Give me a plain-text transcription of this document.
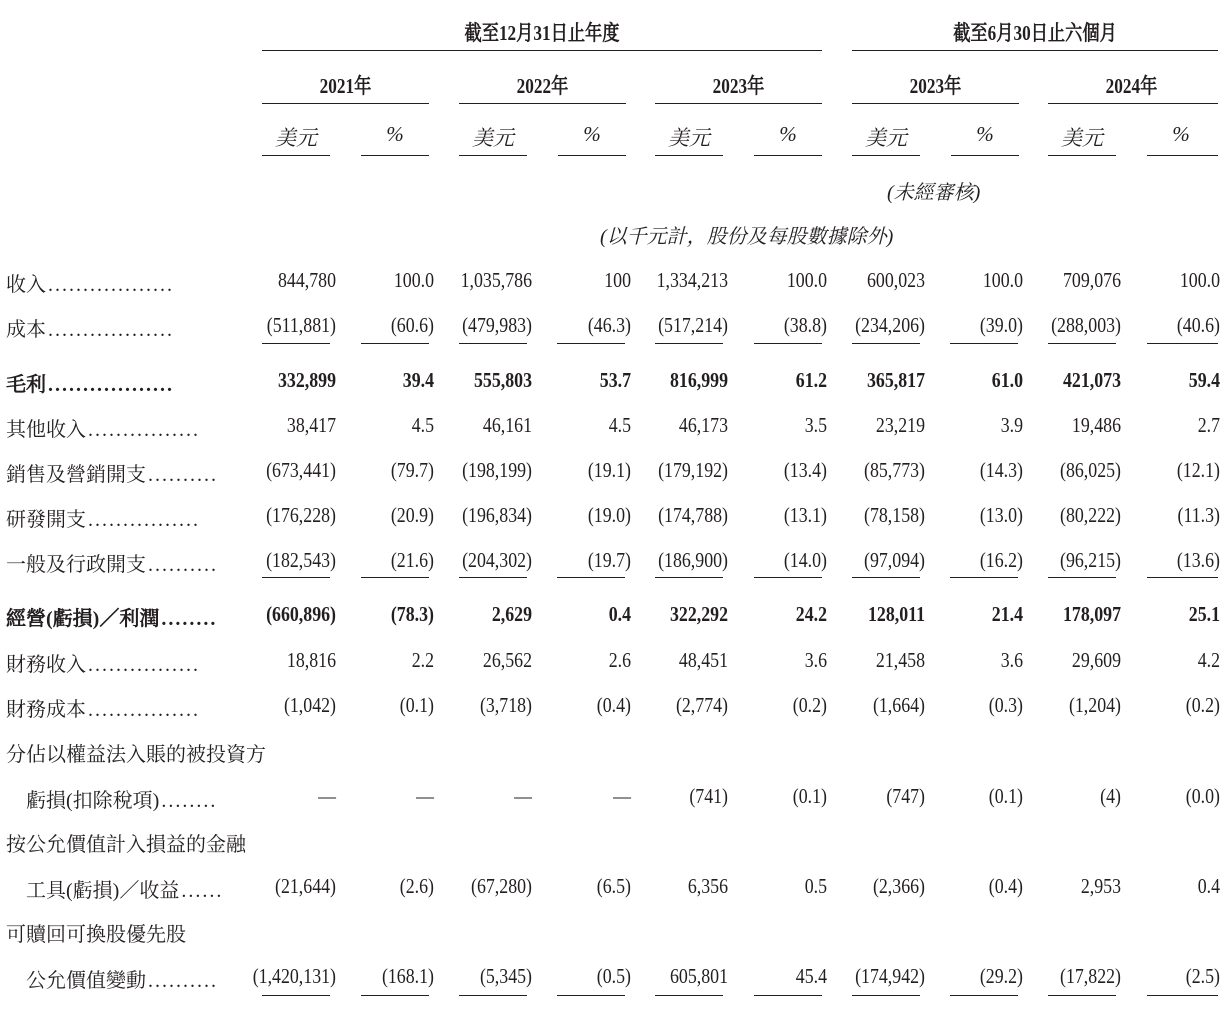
截至12月31日止年度	截至6月30日止六個月
2021年	2022年	2023年	2023年	2024年
美元	%	美元	%	美元	%	美元	%	美元	%
(未經審核)
(以千元計，股份及每股數據除外)
收入 ..................	844,780	100.0	1,035,786	100	1,334,213	100.0	600,023	100.0	709,076	100.0
成本 ..................	(511,881)	(60.6)	(479,983)	(46.3)	(517,214)	(38.8)	(234,206)	(39.0)	(288,003)	(40.6)
毛利 ..................	332,899	39.4	555,803	53.7	816,999	61.2	365,817	61.0	421,073	59.4
其他收入 ................	38,417	4.5	46,161	4.5	46,173	3.5	23,219	3.9	19,486	2.7
銷售及營銷開支 ..........	(673,441)	(79.7)	(198,199)	(19.1)	(179,192)	(13.4)	(85,773)	(14.3)	(86,025)	(12.1)
研發開支 ................	(176,228)	(20.9)	(196,834)	(19.0)	(174,788)	(13.1)	(78,158)	(13.0)	(80,222)	(11.3)
一般及行政開支 ..........	(182,543)	(21.6)	(204,302)	(19.7)	(186,900)	(14.0)	(97,094)	(16.2)	(96,215)	(13.6)
經營(虧損)／利潤 ........	(660,896)	(78.3)	2,629	0.4	322,292	24.2	128,011	21.4	178,097	25.1
財務收入 ................	18,816	2.2	26,562	2.6	48,451	3.6	21,458	3.6	29,609	4.2
財務成本 ................	(1,042)	(0.1)	(3,718)	(0.4)	(2,774)	(0.2)	(1,664)	(0.3)	(1,204)	(0.2)
分佔以權益法入賬的被投資方
虧損(扣除稅項) ........	—	—	—	—	(741)	(0.1)	(747)	(0.1)	(4)	(0.0)
按公允價值計入損益的金融
工具(虧損)／收益 ......	(21,644)	(2.6)	(67,280)	(6.5)	6,356	0.5	(2,366)	(0.4)	2,953	0.4
可贖回可換股優先股
公允價值變動 ..........	(1,420,131)	(168.1)	(5,345)	(0.5)	605,801	45.4	(174,942)	(29.2)	(17,822)	(2.5)
